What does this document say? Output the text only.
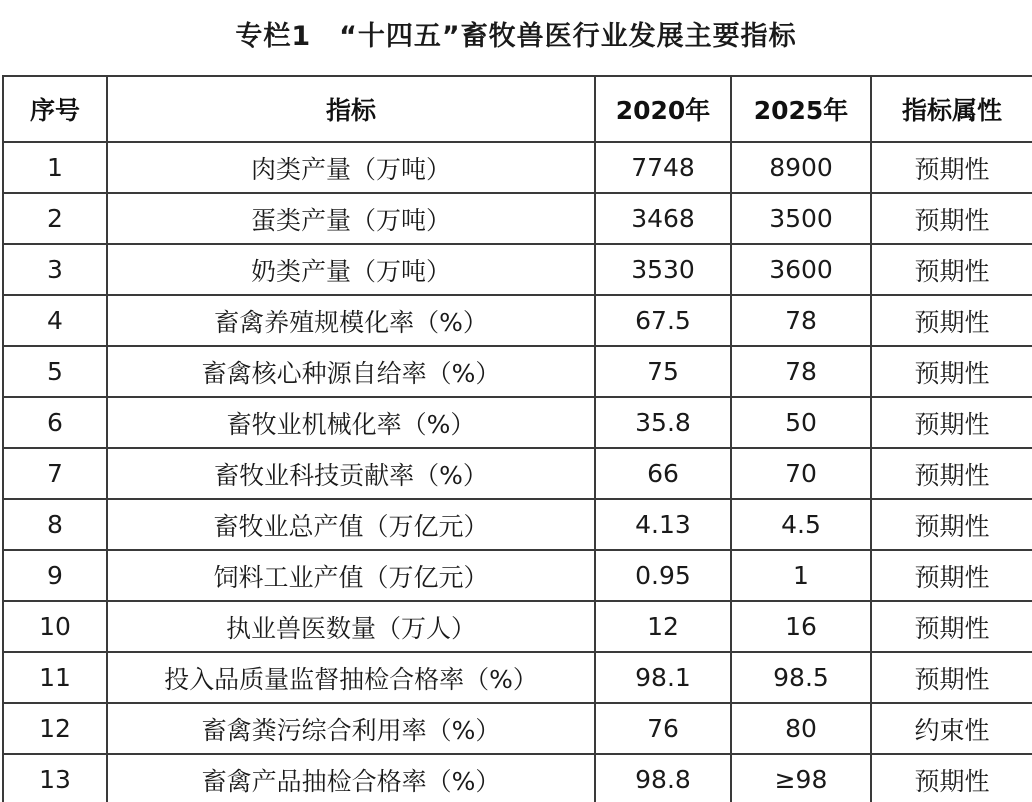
专栏1　“十四五”畜牧兽医行业发展主要指标
序号	指标	2020年	2025年	指标属性
1	肉类产量（万吨）	7748	8900	预期性
2	蛋类产量（万吨）	3468	3500	预期性
3	奶类产量（万吨）	3530	3600	预期性
4	畜禽养殖规模化率（%）	67.5	78	预期性
5	畜禽核心种源自给率（%）	75	78	预期性
6	畜牧业机械化率（%）	35.8	50	预期性
7	畜牧业科技贡献率（%）	66	70	预期性
8	畜牧业总产值（万亿元）	4.13	4.5	预期性
9	饲料工业产值（万亿元）	0.95	1	预期性
10	执业兽医数量（万人）	12	16	预期性
11	投入品质量监督抽检合格率（%）	98.1	98.5	预期性
12	畜禽粪污综合利用率（%）	76	80	约束性
13	畜禽产品抽检合格率（%）	98.8	≥98	预期性
